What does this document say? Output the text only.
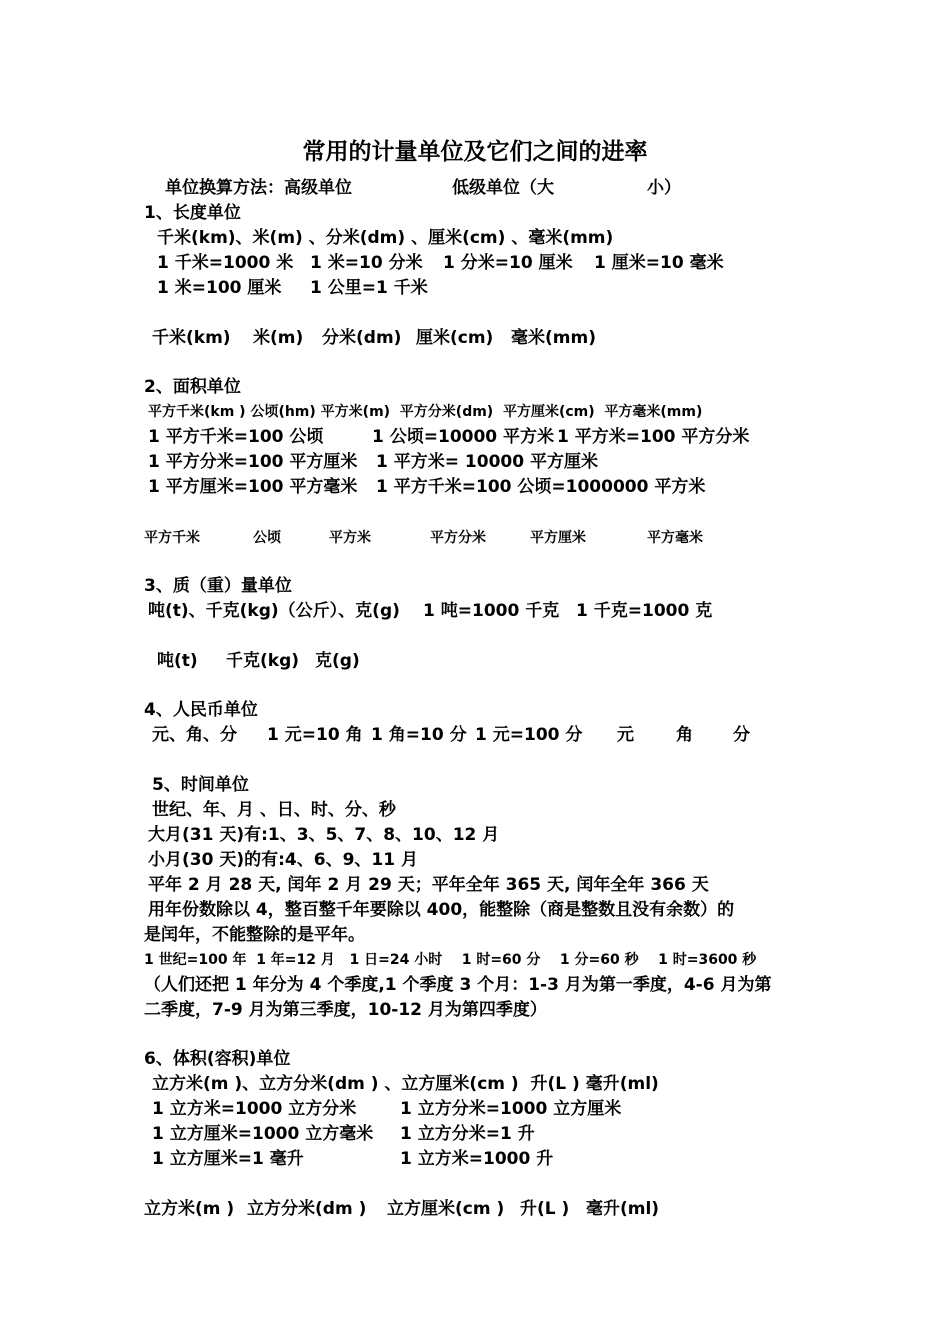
常用的计量单位及它们之间的进率
单位换算方法：高级单位	低级单位（大	小）
1、长度单位
千米(km)、米(m) 、分米(dm) 、厘米(cm) 、毫米(mm)
1 千米=1000 米 1 米=10 分米 1 分米=10 厘米 1 厘米=10 毫米
1 米=100 厘米 1 公里=1 千米
千米(km) 米(m) 分米(dm) 厘米(cm) 毫米(mm)
2、面积单位
平方千米(km ) 公顷(hm) 平方米(m)  平方分米(dm)  平方厘米(cm)  平方毫米(mm)
1 平方千米=100 公顷	1 公顷=10000 平方米 1 平方米=100 平方分米
1 平方分米=100 平方厘米 1 平方米= 10000 平方厘米
1 平方厘米=100 平方毫米 1 平方千米=100 公顷=1000000 平方米
平方千米	公顷	平方米	平方分米	平方厘米	平方毫米
3、质（重）量单位
吨(t)、千克(kg)（公斤）、克(g) 1 吨=1000 千克 1 千克=1000 克
吨(t) 千克(kg) 克(g)
4、人民币单位
元、角、分 1 元=10 角 1 角=10 分 1 元=100 分 元 角 分
5、时间单位
世纪、年、月 、日、时、分、秒
大月(31 天)有:1、3、5、7、8、10、12 月
小月(30 天)的有:4、6、9、11 月
平年 2 月 28 天, 闰年 2 月 29 天；平年全年 365 天, 闰年全年 366 天
用年份数除以 4，整百整千年要除以 400，能整除（商是整数且没有余数）的
是闰年，不能整除的是平年。
1 世纪=100 年  1 年=12 月   1 日=24 小时    1 时=60 分    1 分=60 秒    1 时=3600 秒
（人们还把 1 年分为 4 个季度,1 个季度 3 个月：1-3 月为第一季度，4-6 月为第
二季度，7-9 月为第三季度，10-12 月为第四季度）
6、体积(容积)单位
立方米(m )、立方分米(dm ) 、立方厘米(cm )  升(L ) 毫升(ml)
1 立方米=1000 立方分米	1 立方分米=1000 立方厘米
1 立方厘米=1000 立方毫米 1 立方分米=1 升
1 立方厘米=1 毫升	1 立方米=1000 升
立方米(m ) 立方分米(dm ) 立方厘米(cm ) 升(L ) 毫升(ml)
